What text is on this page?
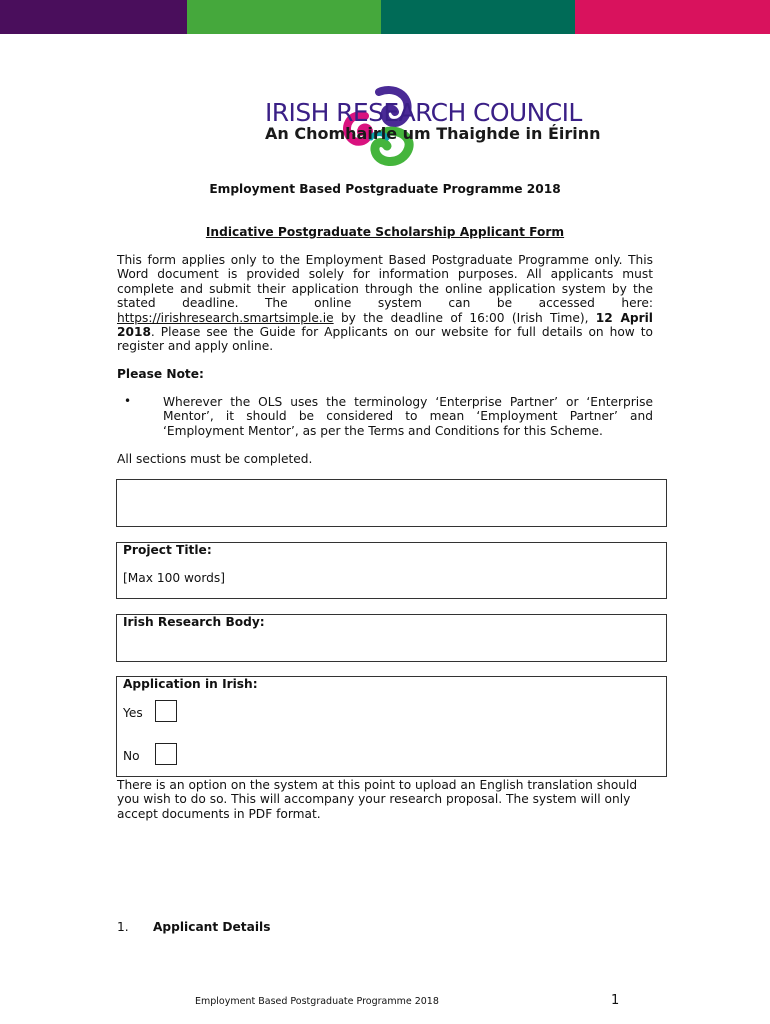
IRISH RESEARCH COUNCIL
An Chomhairle um Thaighde in Éirinn
Employment Based Postgraduate Programme 2018
Indicative Postgraduate Scholarship Applicant Form
This form applies only to the Employment Based Postgraduate Programme only. This Word document is provided solely for information purposes. All applicants must complete and submit their application through the online application system by the stated deadline. The online system can be accessed here: https://irishresearch.smartsimple.ie by the deadline of 16:00 (Irish Time), 12 April 2018. Please see the Guide for Applicants on our website for full details on how to register and apply online.
Please Note:
•	Wherever the OLS uses the terminology ‘Enterprise Partner’ or ‘Enterprise Mentor’, it should be considered to mean ‘Employment Partner’ and ‘Employment Mentor’, as per the Terms and Conditions for this Scheme.
All sections must be completed.
Project Title:
[Max 100 words]
Irish Research Body:
Application in Irish:
Yes
No
There is an option on the system at this point to upload an English translation should you wish to do so. This will accompany your research proposal. The system will only accept documents in PDF format.
1. Applicant Details
Employment Based Postgraduate Programme 2018	1
